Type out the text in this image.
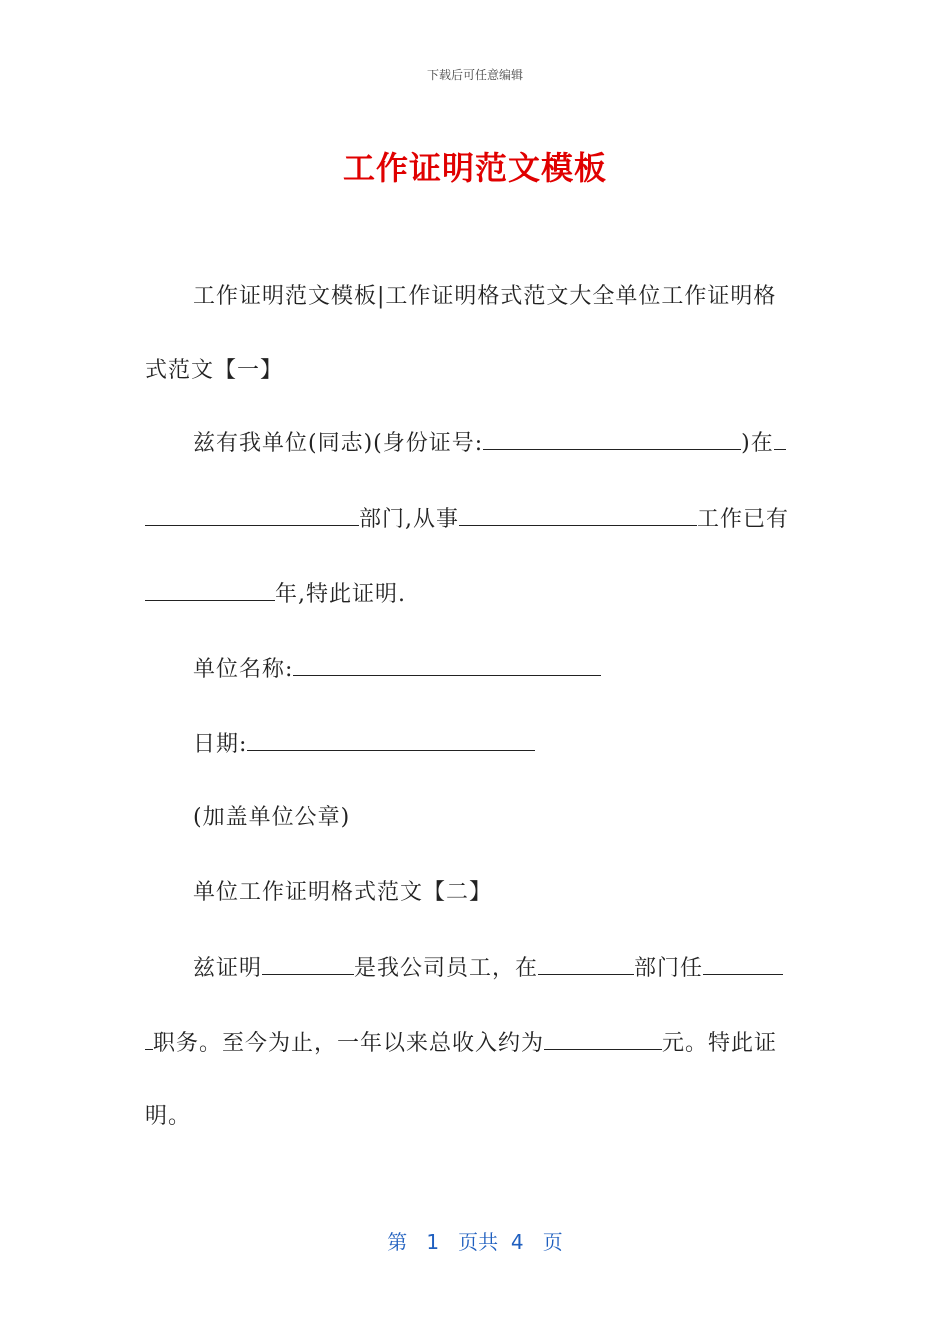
下载后可任意编辑
工作证明范文模板
工作证明范文模板|工作证明格式范文大全单位工作证明格
式范文【一】
兹有我单位(同志)(身份证号:	)在
部门,从事	工作已有
年,特此证明.
单位名称:
日期:
(加盖单位公章)
单位工作证明格式范文【二】
兹证明	是我公司员工，在	部门任
职务。至今为止，一年以来总收入约为	元。特此证
明。
第 1 页共 4 页
